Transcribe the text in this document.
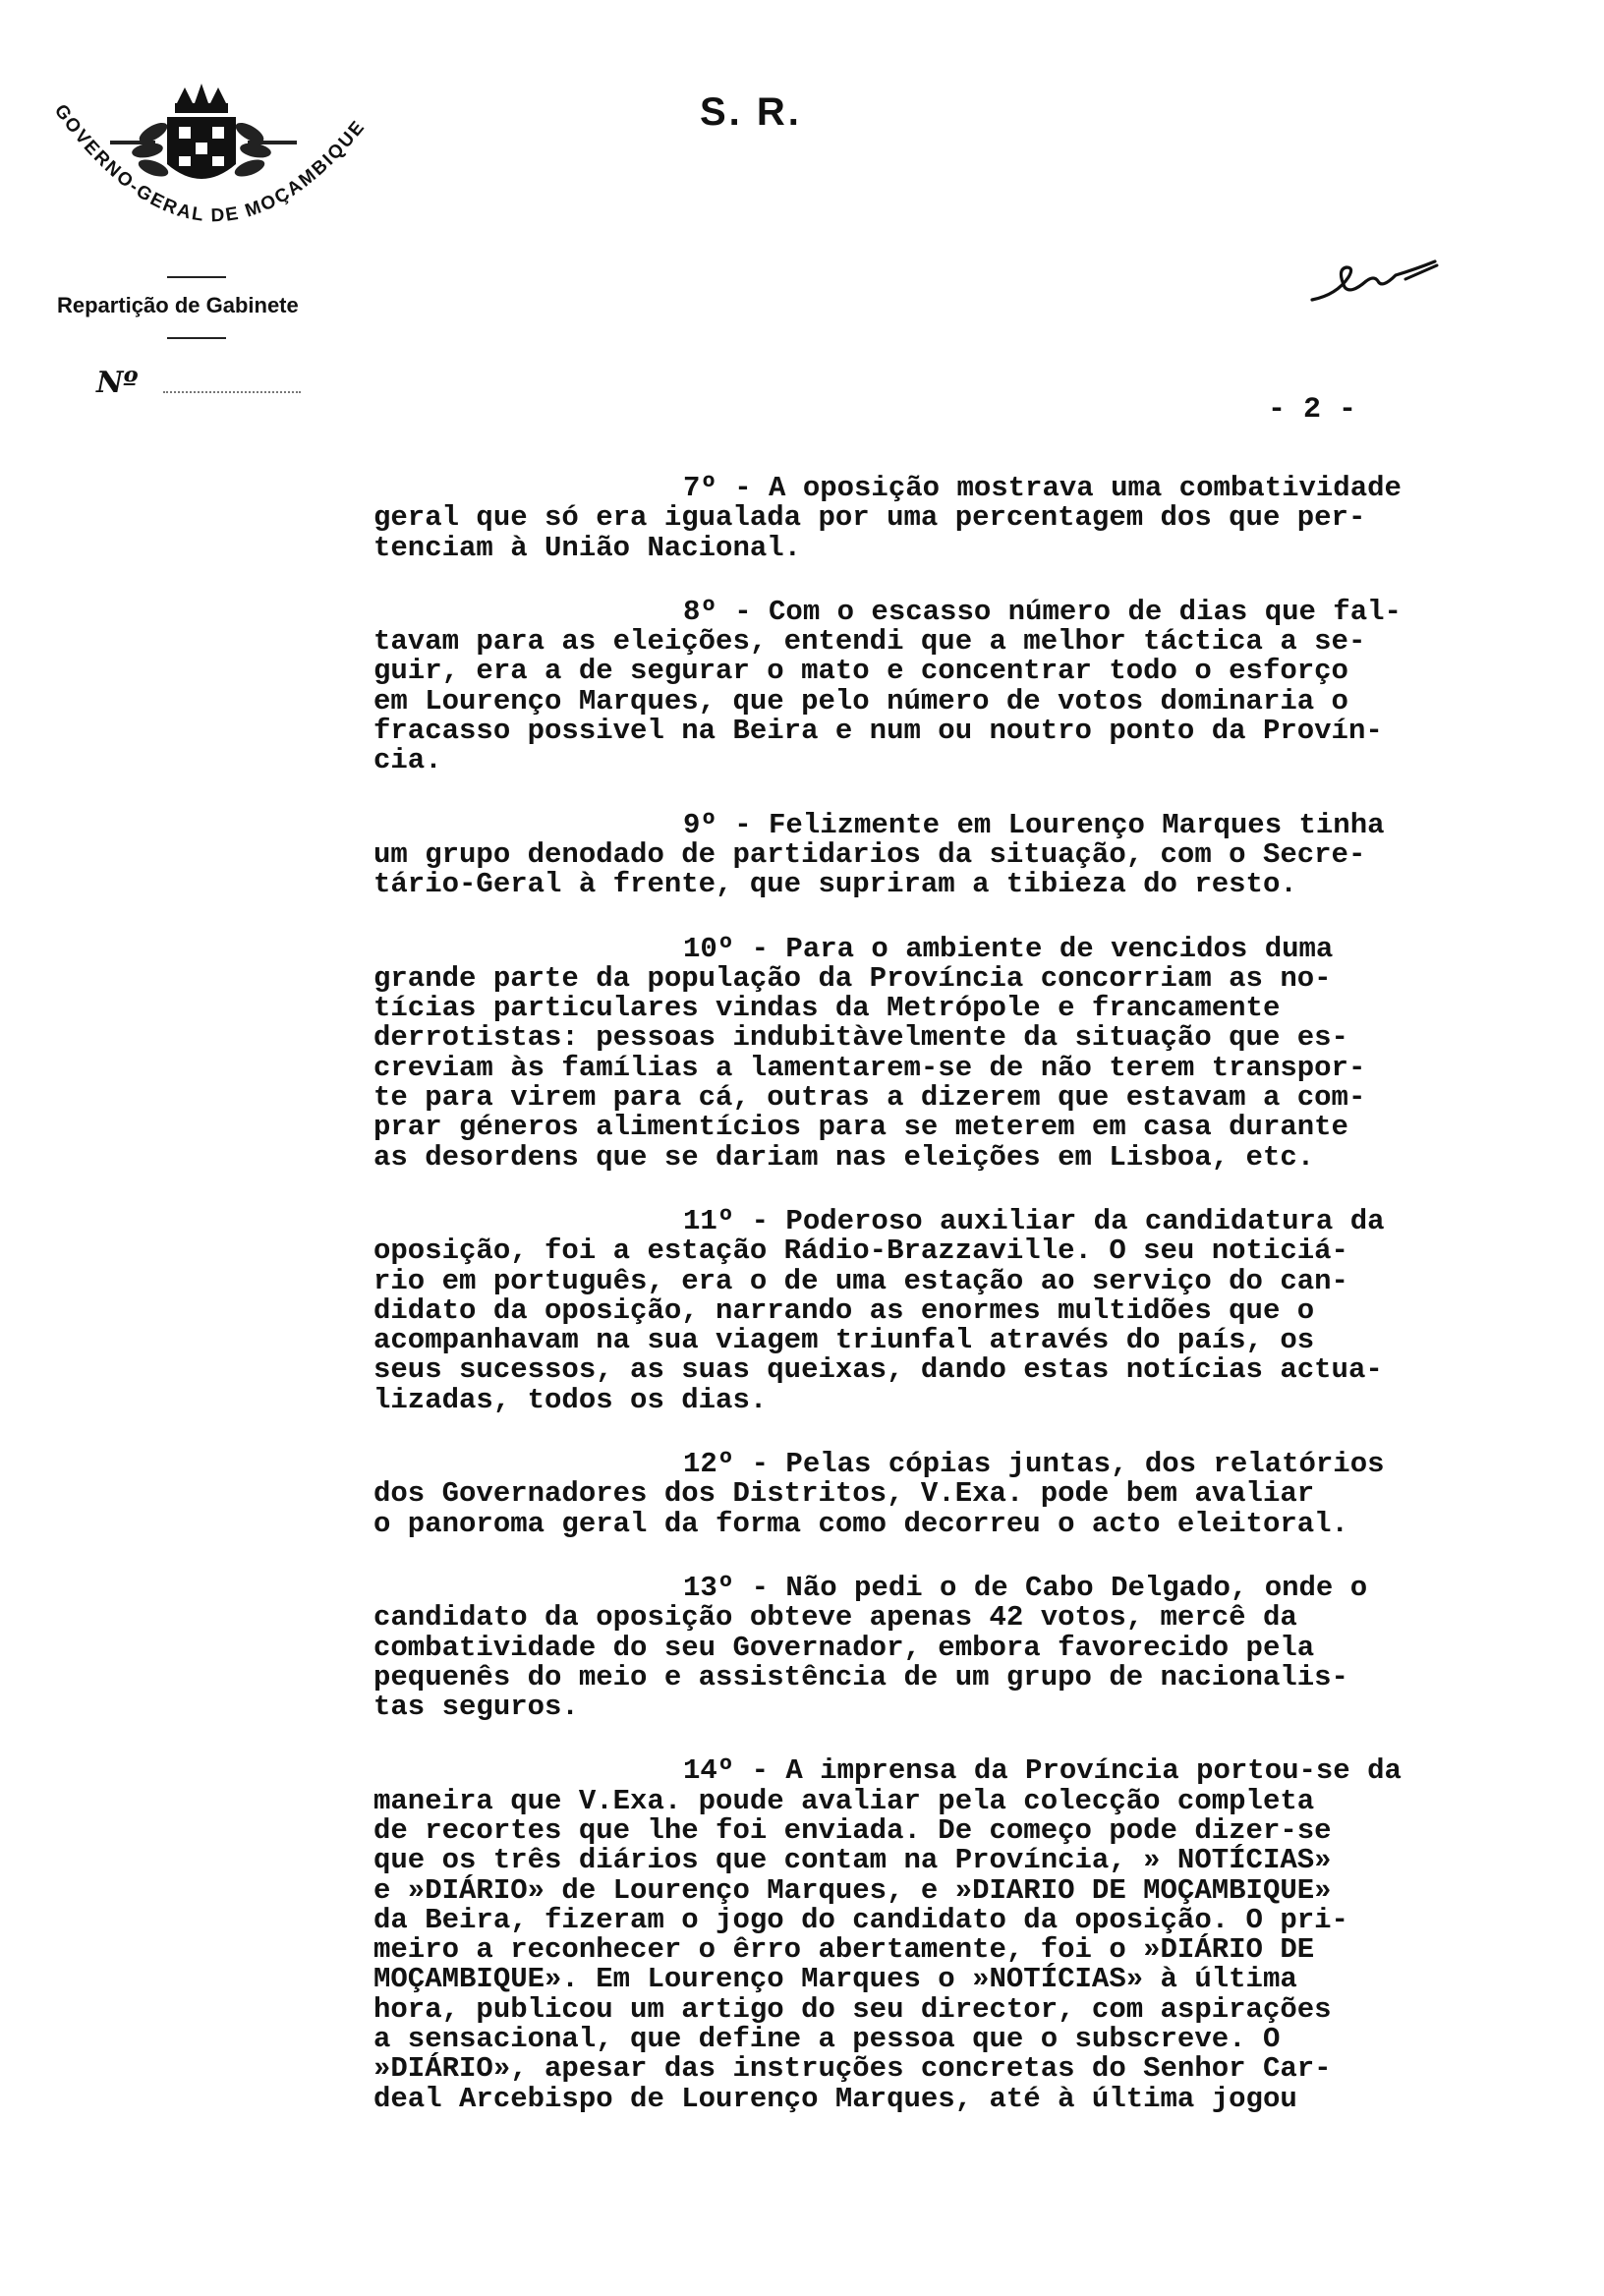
GOVERNO-GERAL DE MOÇAMBIQUE
Repartição de Gabinete
Nº
S. R.
- 2 -
7º - A oposição mostrava uma combatividade
geral que só era igualada por uma percentagem dos que per-
tenciam à União Nacional.
8º - Com o escasso número de dias que fal-
tavam para as eleições, entendi que a melhor táctica a se-
guir, era a de segurar o mato e concentrar todo o esforço
em Lourenço Marques, que pelo número de votos dominaria o
fracasso possivel na Beira e num ou noutro ponto da Provín-
cia.
9º - Felizmente em Lourenço Marques tinha
um grupo denodado de partidarios da situação, com o Secre-
tário-Geral à frente, que supriram a tibieza do resto.
10º - Para o ambiente de vencidos duma
grande parte da população da Província concorriam as no-
tícias particulares vindas da Metrópole e francamente
derrotistas: pessoas indubitàvelmente da situação que es-
creviam às famílias a lamentarem-se de não terem transpor-
te para virem para cá, outras a dizerem que estavam a com-
prar géneros alimentícios para se meterem em casa durante
as desordens que se dariam nas eleições em Lisboa, etc.
11º - Poderoso auxiliar da candidatura da
oposição, foi a estação Rádio-Brazzaville. O seu noticiá-
rio em português, era o de uma estação ao serviço do can-
didato da oposição, narrando as enormes multidões que o
acompanhavam na sua viagem triunfal através do país, os
seus sucessos, as suas queixas, dando estas notícias actua-
lizadas, todos os dias.
12º - Pelas cópias juntas, dos relatórios
dos Governadores dos Distritos, V.Exa. pode bem avaliar
o panoroma geral da forma como decorreu o acto eleitoral.
13º - Não pedi o de Cabo Delgado, onde o
candidato da oposição obteve apenas 42 votos, mercê da
combatividade do seu Governador, embora favorecido pela
pequenês do meio e assistência de um grupo de nacionalis-
tas seguros.
14º - A imprensa da Província portou-se da
maneira que V.Exa. poude avaliar pela colecção completa
de recortes que lhe foi enviada. De começo pode dizer-se
que os três diários que contam na Província, » NOTÍCIAS»
e »DIÁRIO» de Lourenço Marques, e »DIARIO DE MOÇAMBIQUE»
da Beira, fizeram o jogo do candidato da oposição. O pri-
meiro a reconhecer o êrro abertamente, foi o »DIÁRIO DE
MOÇAMBIQUE». Em Lourenço Marques o »NOTÍCIAS» à última
hora, publicou um artigo do seu director, com aspirações
a sensacional, que define a pessoa que o subscreve. O
»DIÁRIO», apesar das instruções concretas do Senhor Car-
deal Arcebispo de Lourenço Marques, até à última jogou
